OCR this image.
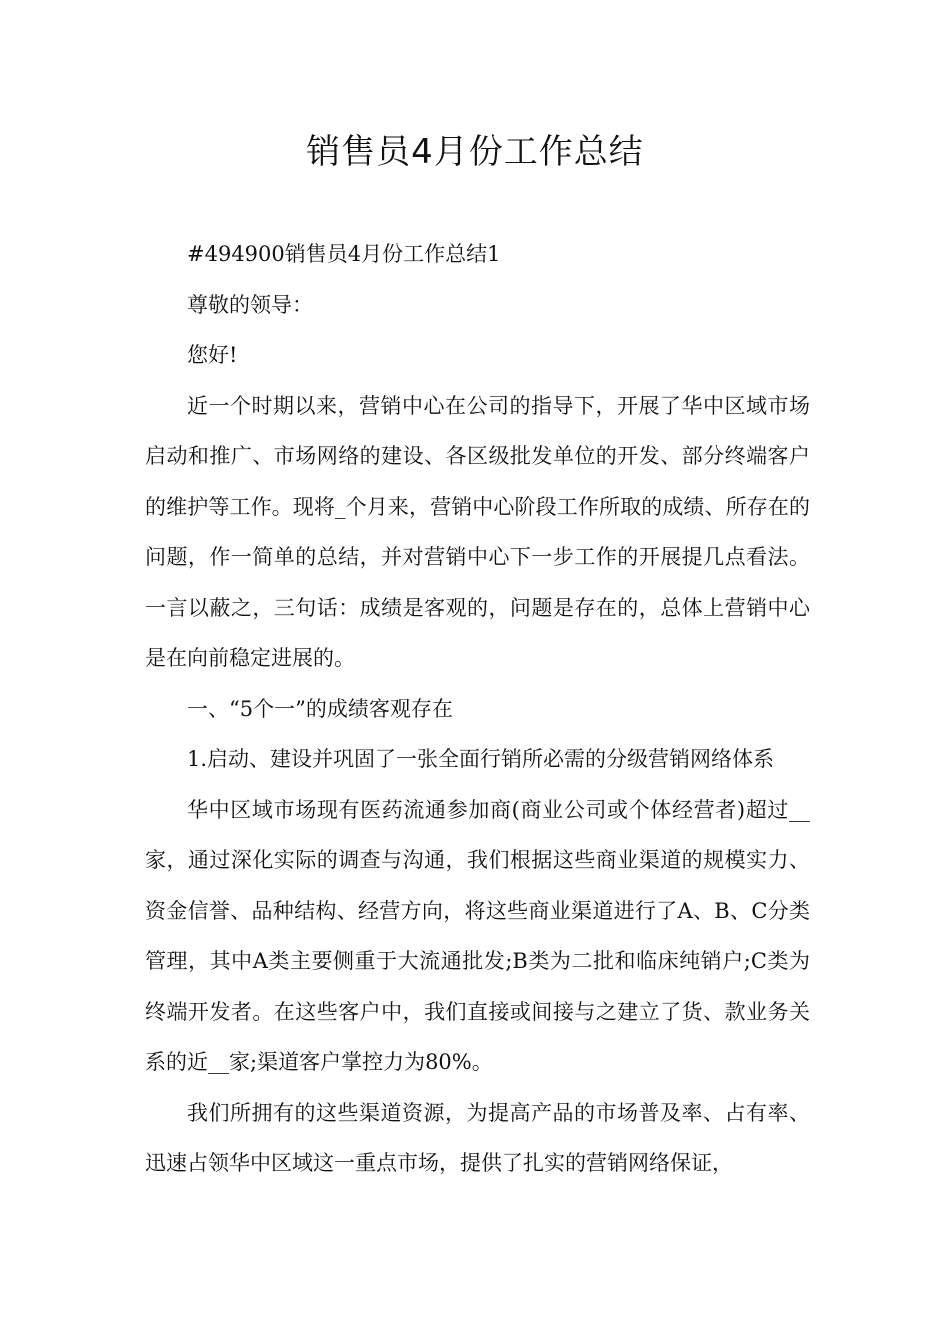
销售员4月份工作总结

#494900销售员4月份工作总结1

尊敬的领导：

您好!

近一个时期以来，营销中心在公司的指导下，开展了华中区域市场启动和推广、市场网络的建设、各区级批发单位的开发、部分终端客户的维护等工作。现将_个月来，营销中心阶段工作所取的成绩、所存在的问题，作一简单的总结，并对营销中心下一步工作的开展提几点看法。一言以蔽之，三句话：成绩是客观的，问题是存在的，总体上营销中心是在向前稳定进展的。

一、“5个一”的成绩客观存在

1.启动、建设并巩固了一张全面行销所必需的分级营销网络体系

华中区域市场现有医药流通参加商(商业公司或个体经营者)超过__家，通过深化实际的调查与沟通，我们根据这些商业渠道的规模实力、资金信誉、品种结构、经营方向，将这些商业渠道进行了A、B、C分类管理，其中A类主要侧重于大流通批发;B类为二批和临床纯销户;C类为终端开发者。在这些客户中，我们直接或间接与之建立了货、款业务关系的近__家;渠道客户掌控力为80%。

我们所拥有的这些渠道资源，为提高产品的市场普及率、占有率、迅速占领华中区域这一重点市场，提供了扎实的营销网络保证，
